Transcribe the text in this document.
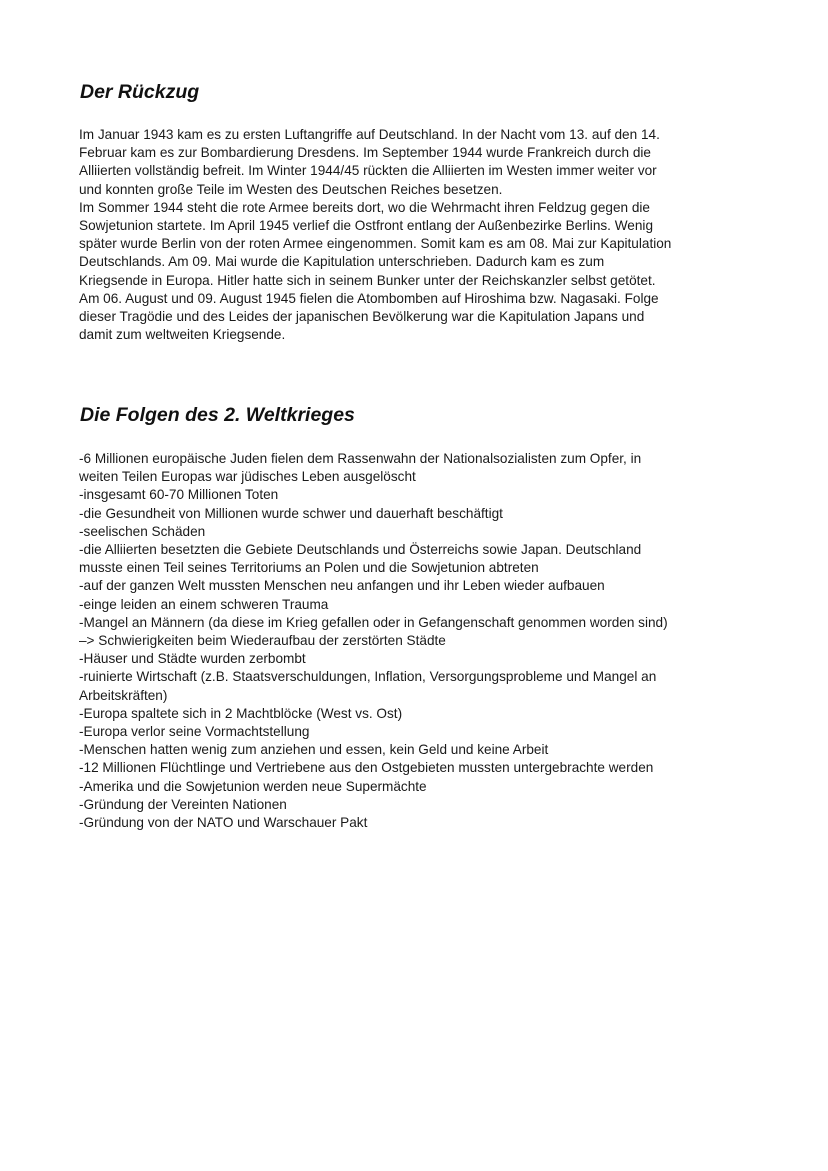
Der Rückzug
Im Januar 1943 kam es zu ersten Luftangriffe auf Deutschland. In der Nacht vom 13. auf den 14.
Februar kam es zur Bombardierung Dresdens. Im September 1944 wurde Frankreich durch die
Alliierten vollständig befreit. Im Winter 1944/45 rückten die Alliierten im Westen immer weiter vor
und konnten große Teile im Westen des Deutschen Reiches besetzen.
Im Sommer 1944 steht die rote Armee bereits dort, wo die Wehrmacht ihren Feldzug gegen die
Sowjetunion startete. Im April 1945 verlief die Ostfront entlang der Außenbezirke Berlins. Wenig
später wurde Berlin von der roten Armee eingenommen. Somit kam es am 08. Mai zur Kapitulation
Deutschlands. Am 09. Mai wurde die Kapitulation unterschrieben. Dadurch kam es zum
Kriegsende in Europa. Hitler hatte sich in seinem Bunker unter der Reichskanzler selbst getötet.
Am 06. August und 09. August 1945 fielen die Atombomben auf Hiroshima bzw. Nagasaki. Folge
dieser Tragödie und des Leides der japanischen Bevölkerung war die Kapitulation Japans und
damit zum weltweiten Kriegsende.
Die Folgen des 2. Weltkrieges
-6 Millionen europäische Juden fielen dem Rassenwahn der Nationalsozialisten zum Opfer, in
weiten Teilen Europas war jüdisches Leben ausgelöscht
-insgesamt 60-70 Millionen Toten
-die Gesundheit von Millionen wurde schwer und dauerhaft beschäftigt
-seelischen Schäden
-die Alliierten besetzten die Gebiete Deutschlands und Österreichs sowie Japan. Deutschland
musste einen Teil seines Territoriums an Polen und die Sowjetunion abtreten
-auf der ganzen Welt mussten Menschen neu anfangen und ihr Leben wieder aufbauen
-einge leiden an einem schweren Trauma
-Mangel an Männern (da diese im Krieg gefallen oder in Gefangenschaft genommen worden sind)
–> Schwierigkeiten beim Wiederaufbau der zerstörten Städte
-Häuser und Städte wurden zerbombt
-ruinierte Wirtschaft (z.B. Staatsverschuldungen, Inflation, Versorgungsprobleme und Mangel an
Arbeitskräften)
-Europa spaltete sich in 2 Machtblöcke (West vs. Ost)
-Europa verlor seine Vormachtstellung
-Menschen hatten wenig zum anziehen und essen, kein Geld und keine Arbeit
-12 Millionen Flüchtlinge und Vertriebene aus den Ostgebieten mussten untergebrachte werden
-Amerika und die Sowjetunion werden neue Supermächte
-Gründung der Vereinten Nationen
-Gründung von der NATO und Warschauer Pakt
